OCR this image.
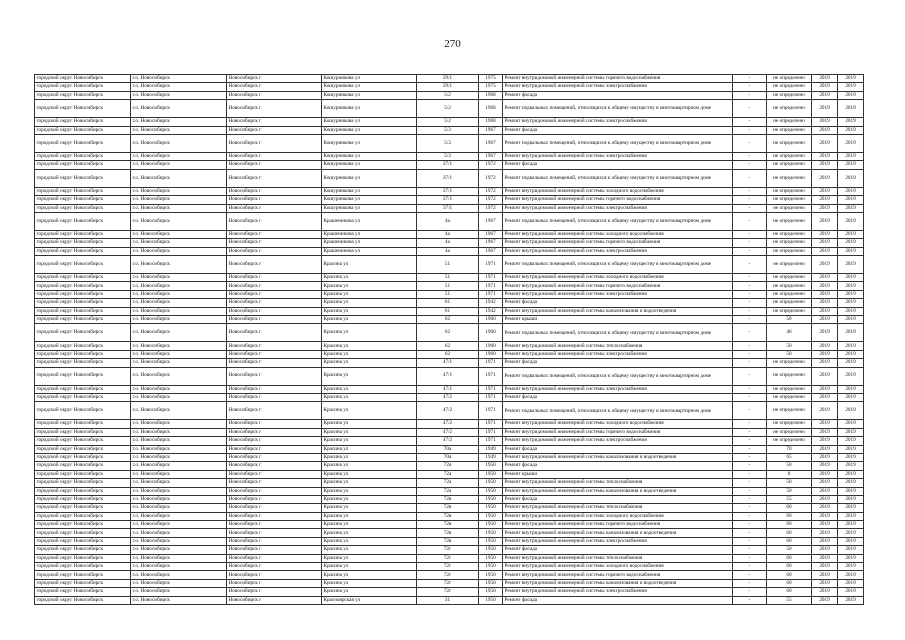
270
городской округ Новосибирск	г.о. Новосибирск	Новосибирск г	Кошурникова ул	29/1	1975	Ремонт внутридомовой инженерной системы горячего водоснабжения	-	не определено	2019	2019
городской округ Новосибирск	г.о. Новосибирск	Новосибирск г	Кошурникова ул	29/1	1975	Ремонт внутридомовой инженерной системы электроснабжения	-	не определено	2019	2019
городской округ Новосибирск	г.о. Новосибирск	Новосибирск г	Кошурникова ул	5/2	1968	Ремонт фасада	-	не определено	2019	2019
городской округ Новосибирск	г.о. Новосибирск	Новосибирск г	Кошурникова ул	5/2	1968	Ремонт подвальных помещений, относящихся к общему имуществу в многоквартирном доме	-	не определено	2019	2019
городской округ Новосибирск	г.о. Новосибирск	Новосибирск г	Кошурникова ул	5/2	1968	Ремонт внутридомовой инженерной системы электроснабжения	-	не определено	2019	2019
городской округ Новосибирск	г.о. Новосибирск	Новосибирск г	Кошурникова ул	5/3	1967	Ремонт фасада	-	не определено	2019	2019
городской округ Новосибирск	г.о. Новосибирск	Новосибирск г	Кошурникова ул	5/3	1967	Ремонт подвальных помещений, относящихся к общему имуществу в многоквартирном доме	-	не определено	2019	2019
городской округ Новосибирск	г.о. Новосибирск	Новосибирск г	Кошурникова ул	5/3	1967	Ремонт внутридомовой инженерной системы электроснабжения	-	не определено	2019	2019
городской округ Новосибирск	г.о. Новосибирск	Новосибирск г	Кошурникова ул	37/1	1972	Ремонт фасада	-	не определено	2019	2019
городской округ Новосибирск	г.о. Новосибирск	Новосибирск г	Кошурникова ул	37/1	1972	Ремонт подвальных помещений, относящихся к общему имуществу в многоквартирном доме	-	не определено	2019	2019
городской округ Новосибирск	г.о. Новосибирск	Новосибирск г	Кошурникова ул	37/1	1972	Ремонт внутридомовой инженерной системы холодного водоснабжения	-	не определено	2019	2019
городской округ Новосибирск	г.о. Новосибирск	Новосибирск г	Кошурникова ул	37/1	1972	Ремонт внутридомовой инженерной системы горячего водоснабжения	-	не определено	2019	2019
городской округ Новосибирск	г.о. Новосибирск	Новосибирск г	Кошурникова ул	37/1	1972	Ремонт внутридомовой инженерной системы электроснабжения	-	не определено	2019	2019
городской округ Новосибирск	г.о. Новосибирск	Новосибирск г	Крашенинова ул	4а	1967	Ремонт подвальных помещений, относящихся к общему имуществу в многоквартирном доме	-	не определено	2019	2019
городской округ Новосибирск	г.о. Новосибирск	Новосибирск г	Крашенинова ул	4а	1967	Ремонт внутридомовой инженерной системы холодного водоснабжения	-	не определено	2019	2019
городской округ Новосибирск	г.о. Новосибирск	Новосибирск г	Крашенинова ул	4а	1967	Ремонт внутридомовой инженерной системы горячего водоснабжения	-	не определено	2019	2019
городской округ Новосибирск	г.о. Новосибирск	Новосибирск г	Крашенинова ул	4а	1967	Ремонт внутридомовой инженерной системы электроснабжения	-	не определено	2019	2019
городской округ Новосибирск	г.о. Новосибирск	Новосибирск г	Красина ул	51	1971	Ремонт подвальных помещений, относящихся к общему имуществу в многоквартирном доме	-	не определено	2019	2019
городской округ Новосибирск	г.о. Новосибирск	Новосибирск г	Красина ул	51	1971	Ремонт внутридомовой инженерной системы холодного водоснабжения	-	не определено	2019	2019
городской округ Новосибирск	г.о. Новосибирск	Новосибирск г	Красина ул	51	1971	Ремонт внутридомовой инженерной системы горячего водоснабжения	-	не определено	2019	2019
городской округ Новосибирск	г.о. Новосибирск	Новосибирск г	Красина ул	51	1971	Ремонт внутридомовой инженерной системы электроснабжения	-	не определено	2019	2019
городской округ Новосибирск	г.о. Новосибирск	Новосибирск г	Красина ул	61	1942	Ремонт фасада	-	не определено	2019	2019
городской округ Новосибирск	г.о. Новосибирск	Новосибирск г	Красина ул	61	1942	Ремонт внутридомовой инженерной системы канализования и водоотведения	-	не определено	2019	2019
городской округ Новосибирск	г.о. Новосибирск	Новосибирск г	Красина ул	62	1960	Ремонт крыши	-	50	2019	2019
городской округ Новосибирск	г.о. Новосибирск	Новосибирск г	Красина ул	62	1960	Ремонт подвальных помещений, относящихся к общему имуществу в многоквартирном доме	-	46	2019	2019
городской округ Новосибирск	г.о. Новосибирск	Новосибирск г	Красина ул	62	1960	Ремонт внутридомовой инженерной системы теплоснабжения	-	50	2019	2019
городской округ Новосибирск	г.о. Новосибирск	Новосибирск г	Красина ул	62	1960	Ремонт внутридомовой инженерной системы электроснабжения	-	50	2019	2019
городской округ Новосибирск	г.о. Новосибирск	Новосибирск г	Красина ул	47/1	1971	Ремонт фасада	-	не определено	2019	2019
городской округ Новосибирск	г.о. Новосибирск	Новосибирск г	Красина ул	47/1	1971	Ремонт подвальных помещений, относящихся к общему имуществу в многоквартирном доме	-	не определено	2019	2019
городской округ Новосибирск	г.о. Новосибирск	Новосибирск г	Красина ул	47/1	1971	Ремонт внутридомовой инженерной системы электроснабжения	-	не определено	2019	2019
городской округ Новосибирск	г.о. Новосибирск	Новосибирск г	Красина ул	47/2	1971	Ремонт фасада	-	не определено	2019	2019
городской округ Новосибирск	г.о. Новосибирск	Новосибирск г	Красина ул	47/2	1971	Ремонт подвальных помещений, относящихся к общему имуществу в многоквартирном доме	-	не определено	2019	2019
городской округ Новосибирск	г.о. Новосибирск	Новосибирск г	Красина ул	47/2	1971	Ремонт внутридомовой инженерной системы холодного водоснабжения	-	не определено	2019	2019
городской округ Новосибирск	г.о. Новосибирск	Новосибирск г	Красина ул	47/2	1971	Ремонт внутридомовой инженерной системы горячего водоснабжения	-	не определено	2019	2019
городской округ Новосибирск	г.о. Новосибирск	Новосибирск г	Красина ул	47/2	1971	Ремонт внутридомовой инженерной системы электроснабжения	-	не определено	2019	2019
городской округ Новосибирск	г.о. Новосибирск	Новосибирск г	Красина ул	70а	1949	Ремонт фасада	-	70	2019	2019
городской округ Новосибирск	г.о. Новосибирск	Новосибирск г	Красина ул	70а	1949	Ремонт внутридомовой инженерной системы канализования и водоотведения	-	65	2019	2019
городской округ Новосибирск	г.о. Новосибирск	Новосибирск г	Красина ул	72а	1950	Ремонт фасада	-	50	2019	2019
городской округ Новосибирск	г.о. Новосибирск	Новосибирск г	Красина ул	72а	1950	Ремонт крыши	-	0	2019	2019
городской округ Новосибирск	г.о. Новосибирск	Новосибирск г	Красина ул	72а	1950	Ремонт внутридомовой инженерной системы теплоснабжения	-	50	2019	2019
городской округ Новосибирск	г.о. Новосибирск	Новосибирск г	Красина ул	72а	1950	Ремонт внутридомовой инженерной системы канализования и водоотведения	-	50	2019	2019
городской округ Новосибирск	г.о. Новосибирск	Новосибирск г	Красина ул	72в	1950	Ремонт фасада	-	55	2019	2019
городской округ Новосибирск	г.о. Новосибирск	Новосибирск г	Красина ул	72в	1950	Ремонт внутридомовой инженерной системы теплоснабжения	-	60	2019	2019
городской округ Новосибирск	г.о. Новосибирск	Новосибирск г	Красина ул	72в	1950	Ремонт внутридомовой инженерной системы холодного водоснабжения	-	60	2019	2019
городской округ Новосибирск	г.о. Новосибирск	Новосибирск г	Красина ул	72в	1950	Ремонт внутридомовой инженерной системы горячего водоснабжения	-	60	2019	2019
городской округ Новосибирск	г.о. Новосибирск	Новосибирск г	Красина ул	72в	1950	Ремонт внутридомовой инженерной системы канализования и водоотведения	-	60	2019	2019
городской округ Новосибирск	г.о. Новосибирск	Новосибирск г	Красина ул	72в	1950	Ремонт внутридомовой инженерной системы электроснабжения	-	60	2019	2019
городской округ Новосибирск	г.о. Новосибирск	Новосибирск г	Красина ул	72г	1950	Ремонт фасада	-	50	2019	2019
городской округ Новосибирск	г.о. Новосибирск	Новосибирск г	Красина ул	72г	1950	Ремонт внутридомовой инженерной системы теплоснабжения	-	60	2019	2019
городской округ Новосибирск	г.о. Новосибирск	Новосибирск г	Красина ул	72г	1950	Ремонт внутридомовой инженерной системы холодного водоснабжения	-	60	2019	2019
городской округ Новосибирск	г.о. Новосибирск	Новосибирск г	Красина ул	72г	1950	Ремонт внутридомовой инженерной системы горячего водоснабжения	-	60	2019	2019
городской округ Новосибирск	г.о. Новосибирск	Новосибирск г	Красина ул	72г	1950	Ремонт внутридомовой инженерной системы канализования и водоотведения	-	60	2019	2019
городской округ Новосибирск	г.о. Новосибирск	Новосибирск г	Красина ул	72г	1950	Ремонт внутридомовой инженерной системы электроснабжения	-	60	2019	2019
городской округ Новосибирск	г.о. Новосибирск	Новосибирск г	Красноярская ул	31	1950	Ремонт фасада	-	55	2019	2019
